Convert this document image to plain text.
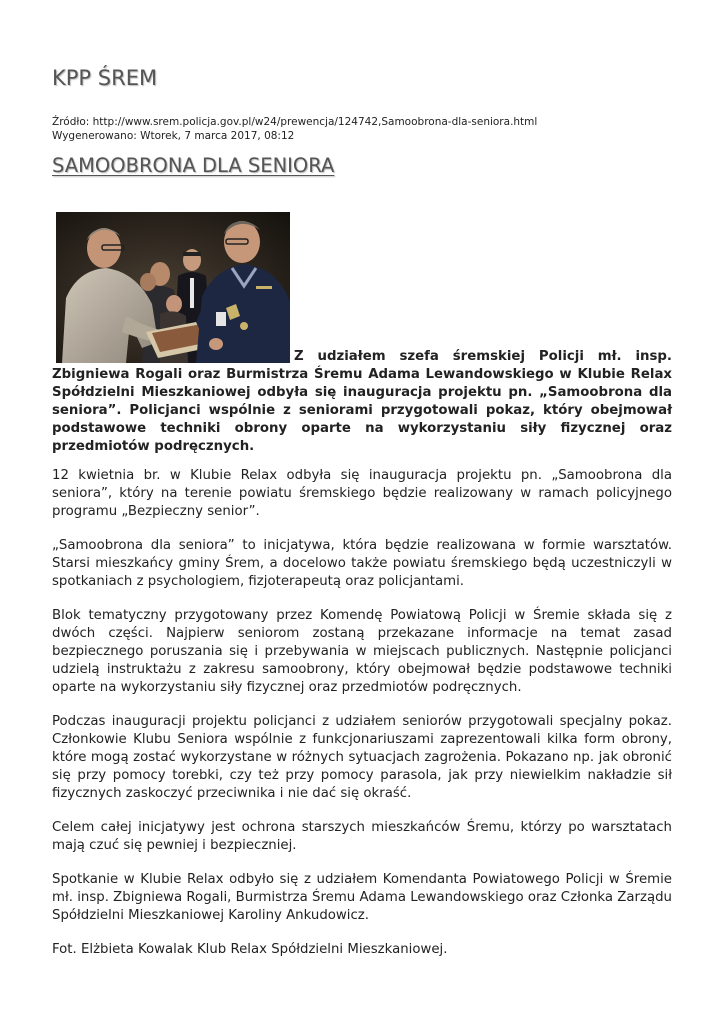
KPP ŚREM
Źródło: http://www.srem.policja.gov.pl/w24/prewencja/124742,Samoobrona-dla-seniora.html
Wygenerowano: Wtorek, 7 marca 2017, 08:12
SAMOOBRONA DLA SENIORA

Z udziałem szefa śremskiej Policji mł. insp. Zbigniewa Rogali oraz Burmistrza Śremu Adama Lewandowskiego w Klubie Relax Spółdzielni Mieszkaniowej odbyła się inauguracja projektu pn. „Samoobrona dla seniora”. Policjanci wspólnie z seniorami przygotowali pokaz, który obejmował podstawowe techniki obrony oparte na wykorzystaniu siły fizycznej oraz przedmiotów podręcznych.

12 kwietnia br. w Klubie Relax odbyła się inauguracja projektu pn. „Samoobrona dla seniora”, który na terenie powiatu śremskiego będzie realizowany w ramach policyjnego programu „Bezpieczny senior”.

„Samoobrona dla seniora” to inicjatywa, która będzie realizowana w formie warsztatów. Starsi mieszkańcy gminy Śrem, a docelowo także powiatu śremskiego będą uczestniczyli w spotkaniach z psychologiem, fizjoterapeutą oraz policjantami.

Blok tematyczny przygotowany przez Komendę Powiatową Policji w Śremie składa się z dwóch części. Najpierw seniorom zostaną przekazane informacje na temat zasad bezpiecznego poruszania się i przebywania w miejscach publicznych. Następnie policjanci udzielą instruktażu z zakresu samoobrony, który obejmował będzie podstawowe techniki oparte na wykorzystaniu siły fizycznej oraz przedmiotów podręcznych.

Podczas inauguracji projektu policjanci z udziałem seniorów przygotowali specjalny pokaz. Członkowie Klubu Seniora wspólnie z funkcjonariuszami zaprezentowali kilka form obrony, które mogą zostać wykorzystane w różnych sytuacjach zagrożenia. Pokazano np. jak obronić się przy pomocy torebki, czy też przy pomocy parasola, jak przy niewielkim nakładzie sił fizycznych zaskoczyć przeciwnika i nie dać się okraść.

Celem całej inicjatywy jest ochrona starszych mieszkańców Śremu, którzy po warsztatach mają czuć się pewniej i bezpieczniej.

Spotkanie w Klubie Relax odbyło się z udziałem Komendanta Powiatowego Policji w Śremie mł. insp. Zbigniewa Rogali, Burmistrza Śremu Adama Lewandowskiego oraz Członka Zarządu Spółdzielni Mieszkaniowej Karoliny Ankudowicz.

Fot. Elżbieta Kowalak Klub Relax Spółdzielni Mieszkaniowej.
